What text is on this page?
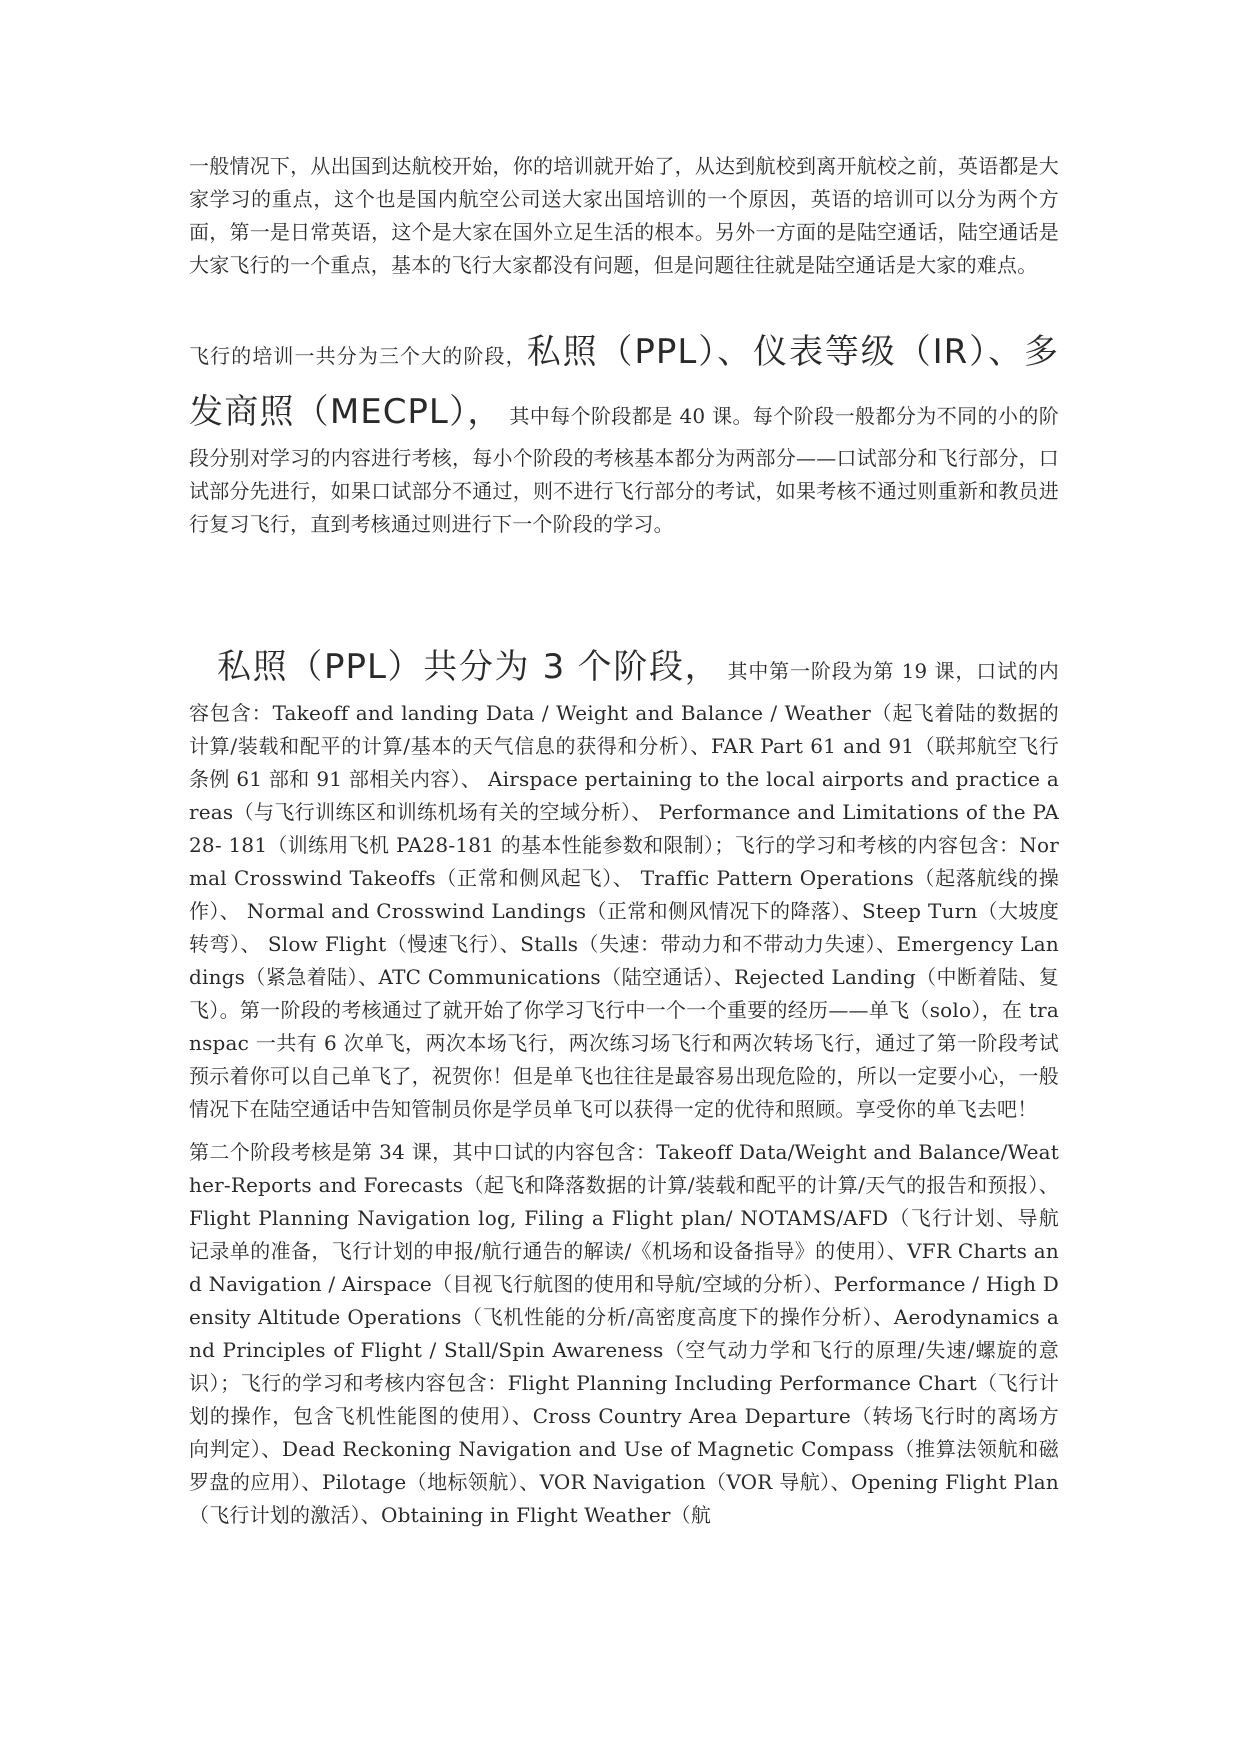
一般情况下，从出国到达航校开始，你的培训就开始了，从达到航校到离开航校之前，英语都是大家学习的重点，这个也是国内航空公司送大家出国培训的一个原因，英语的培训可以分为两个方面，第一是日常英语，这个是大家在国外立足生活的根本。另外一方面的是陆空通话，陆空通话是大家飞行的一个重点，基本的飞行大家都没有问题，但是问题往往就是陆空通话是大家的难点。

飞行的培训一共分为三个大的阶段，私照（PPL）、仪表等级（IR）、多发商照（MECPL）， 其中每个阶段都是 40 课。每个阶段一般都分为不同的小的阶段分别对学习的内容进行考核，每小个阶段的考核基本都分为两部分——口试部分和飞行部分，口试部分先进行，如果口试部分不通过，则不进行飞行部分的考试，如果考核不通过则重新和教员进行复习飞行，直到考核通过则进行下一个阶段的学习。

私照（PPL）共分为 3 个阶段， 其中第一阶段为第 19 课，口试的内容包含：Takeoff and landing Data / Weight and Balance / Weather（起飞着陆的数据的计算/装载和配平的计算/基本的天气信息的获得和分析）、FAR Part 61 and 91（联邦航空飞行条例 61 部和 91 部相关内容）、 Airspace pertaining to the local airports and practice areas（与飞行训练区和训练机场有关的空域分析）、 Performance and Limitations of the PA 28- 181（训练用飞机 PA28-181 的基本性能参数和限制）；飞行的学习和考核的内容包含：Normal Crosswind Takeoffs（正常和侧风起飞）、 Traffic Pattern Operations（起落航线的操作）、 Normal and Crosswind Landings（正常和侧风情况下的降落）、Steep Turn（大坡度转弯）、 Slow Flight（慢速飞行）、Stalls（失速：带动力和不带动力失速）、Emergency Landings（紧急着陆）、ATC Communications（陆空通话）、Rejected Landing（中断着陆、复飞）。第一阶段的考核通过了就开始了你学习飞行中一个一个重要的经历——单飞（solo），在 transpac 一共有 6 次单飞，两次本场飞行，两次练习场飞行和两次转场飞行，通过了第一阶段考试预示着你可以自己单飞了，祝贺你！但是单飞也往往是最容易出现危险的，所以一定要小心，一般情况下在陆空通话中告知管制员你是学员单飞可以获得一定的优待和照顾。享受你的单飞去吧！

第二个阶段考核是第 34 课，其中口试的内容包含：Takeoff Data/Weight and Balance/Weather-Reports and Forecasts（起飞和降落数据的计算/装载和配平的计算/天气的报告和预报）、Flight Planning Navigation log, Filing a Flight plan/ NOTAMS/AFD（飞行计划、导航记录单的准备，飞行计划的申报/航行通告的解读/《机场和设备指导》的使用）、VFR Charts and Navigation / Airspace（目视飞行航图的使用和导航/空域的分析）、Performance / High Density Altitude Operations（飞机性能的分析/高密度高度下的操作分析）、Aerodynamics and Principles of Flight / Stall/Spin Awareness（空气动力学和飞行的原理/失速/螺旋的意识）；飞行的学习和考核内容包含：Flight Planning Including Performance Chart（飞行计划的操作，包含飞机性能图的使用）、Cross Country Area Departure（转场飞行时的离场方向判定）、Dead Reckoning Navigation and Use of Magnetic Compass（推算法领航和磁罗盘的应用）、Pilotage（地标领航）、VOR Navigation（VOR 导航）、Opening Flight Plan（飞行计划的激活）、Obtaining in Flight Weather（航
